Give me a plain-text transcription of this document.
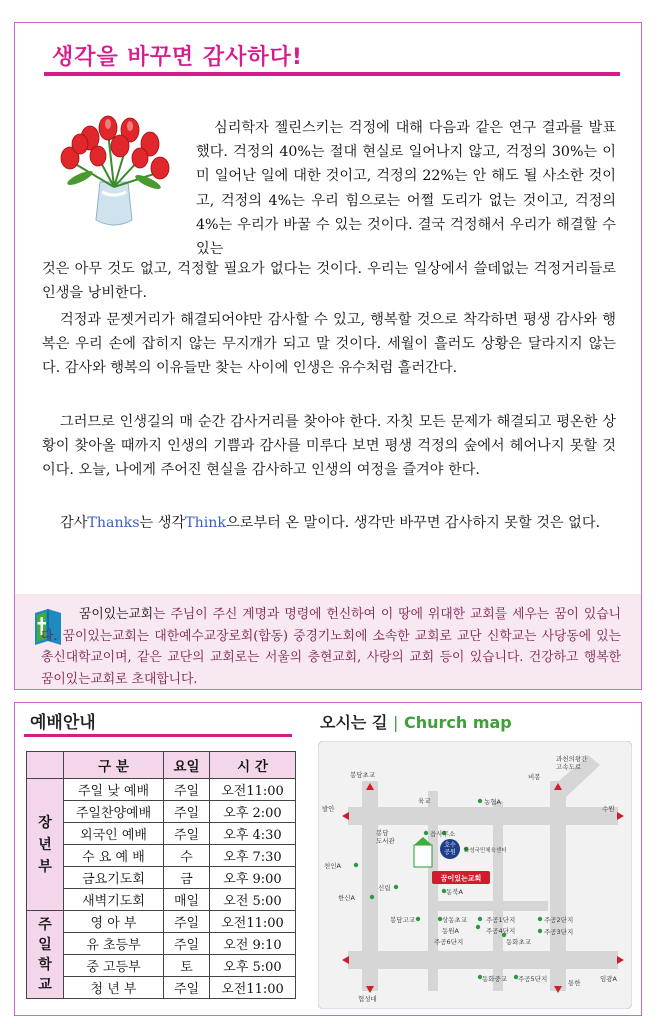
생각을 바꾸면 감사하다!
심리학자 젤린스키는 걱정에 대해 다음과 같은 연구 결과를 발표했다. 걱정의 40%는 절대 현실로 일어나지 않고, 걱정의 30%는 이미 일어난 일에 대한 것이고, 걱정의 22%는 안 해도 될 사소한 것이고, 걱정의 4%는 우리 힘으로는 어쩔 도리가 없는 것이고, 걱정의 4%는 우리가 바꿀 수 있는 것이다. 결국 걱정해서 우리가 해결할 수 있는
것은 아무 것도 없고, 걱정할 필요가 없다는 것이다. 우리는 일상에서 쓸데없는 걱정거리들로 인생을 낭비한다.
걱정과 문젯거리가 해결되어야만 감사할 수 있고, 행복할 것으로 착각하면 평생 감사와 행복은 우리 손에 잡히지 않는 무지개가 되고 말 것이다. 세월이 흘러도 상황은 달라지지 않는다. 감사와 행복의 이유들만 찾는 사이에 인생은 유수처럼 흘러간다.
그러므로 인생길의 매 순간 감사거리를 찾아야 한다. 자칫 모든 문제가 해결되고 평온한 상황이 찾아올 때까지 인생의 기쁨과 감사를 미루다 보면 평생 걱정의 숲에서 헤어나지 못할 것이다. 오늘, 나에게 주어진 현실을 감사하고 인생의 여정을 즐겨야 한다.
감사Thanks는 생각Think으로부터 온 말이다. 생각만 바꾸면 감사하지 못할 것은 없다.
꿈이있는교회는 주님이 주신 계명과 명령에 헌신하여 이 땅에 위대한 교회를 세우는 꿈이 있습니다. 꿈이있는교회는 대한예수교장로회(합동) 중경기노회에 소속한 교회로 교단 신학교는 사당동에 있는 총신대학교이며, 같은 교단의 교회로는 서울의 충현교회, 사랑의 교회 등이 있습니다. 건강하고 행복한 꿈이있는교회로 초대합니다.
예배안내
	구 분	요일	시 간
장
년
부	주일 낮 예배	주일	오전11:00
	주일찬양예배	주일	오후 2:00
	외국인 예배	주일	오후 4:30
	수 요 예 배	수	오후 7:30
	금요기도회	금	오후 9:00
	새벽기도회	매일	오전 5:00
주
일
학
교	영 아 부	주일	오전11:00
	유 초등부	주일	오전 9:10
	중 고등부	토	오후 5:00
	청 년 부	주일	오전11:00
오시는 길 | Church map
호수
공원
꿈이있는교회
봉담초교
과천의왕간
고속도로
비봉
발안	수원
육교	농협A
봉담
도서관
읍사무소
화성국민체육센터
천인A
신립	동북A
한신A
봉담고교	상동초교
동원A
주공6단지
주공1단지
주공4단지
동화초교
주공2단지
주공3단지
협성대
동화중교 주공5단지	통한	임광A
